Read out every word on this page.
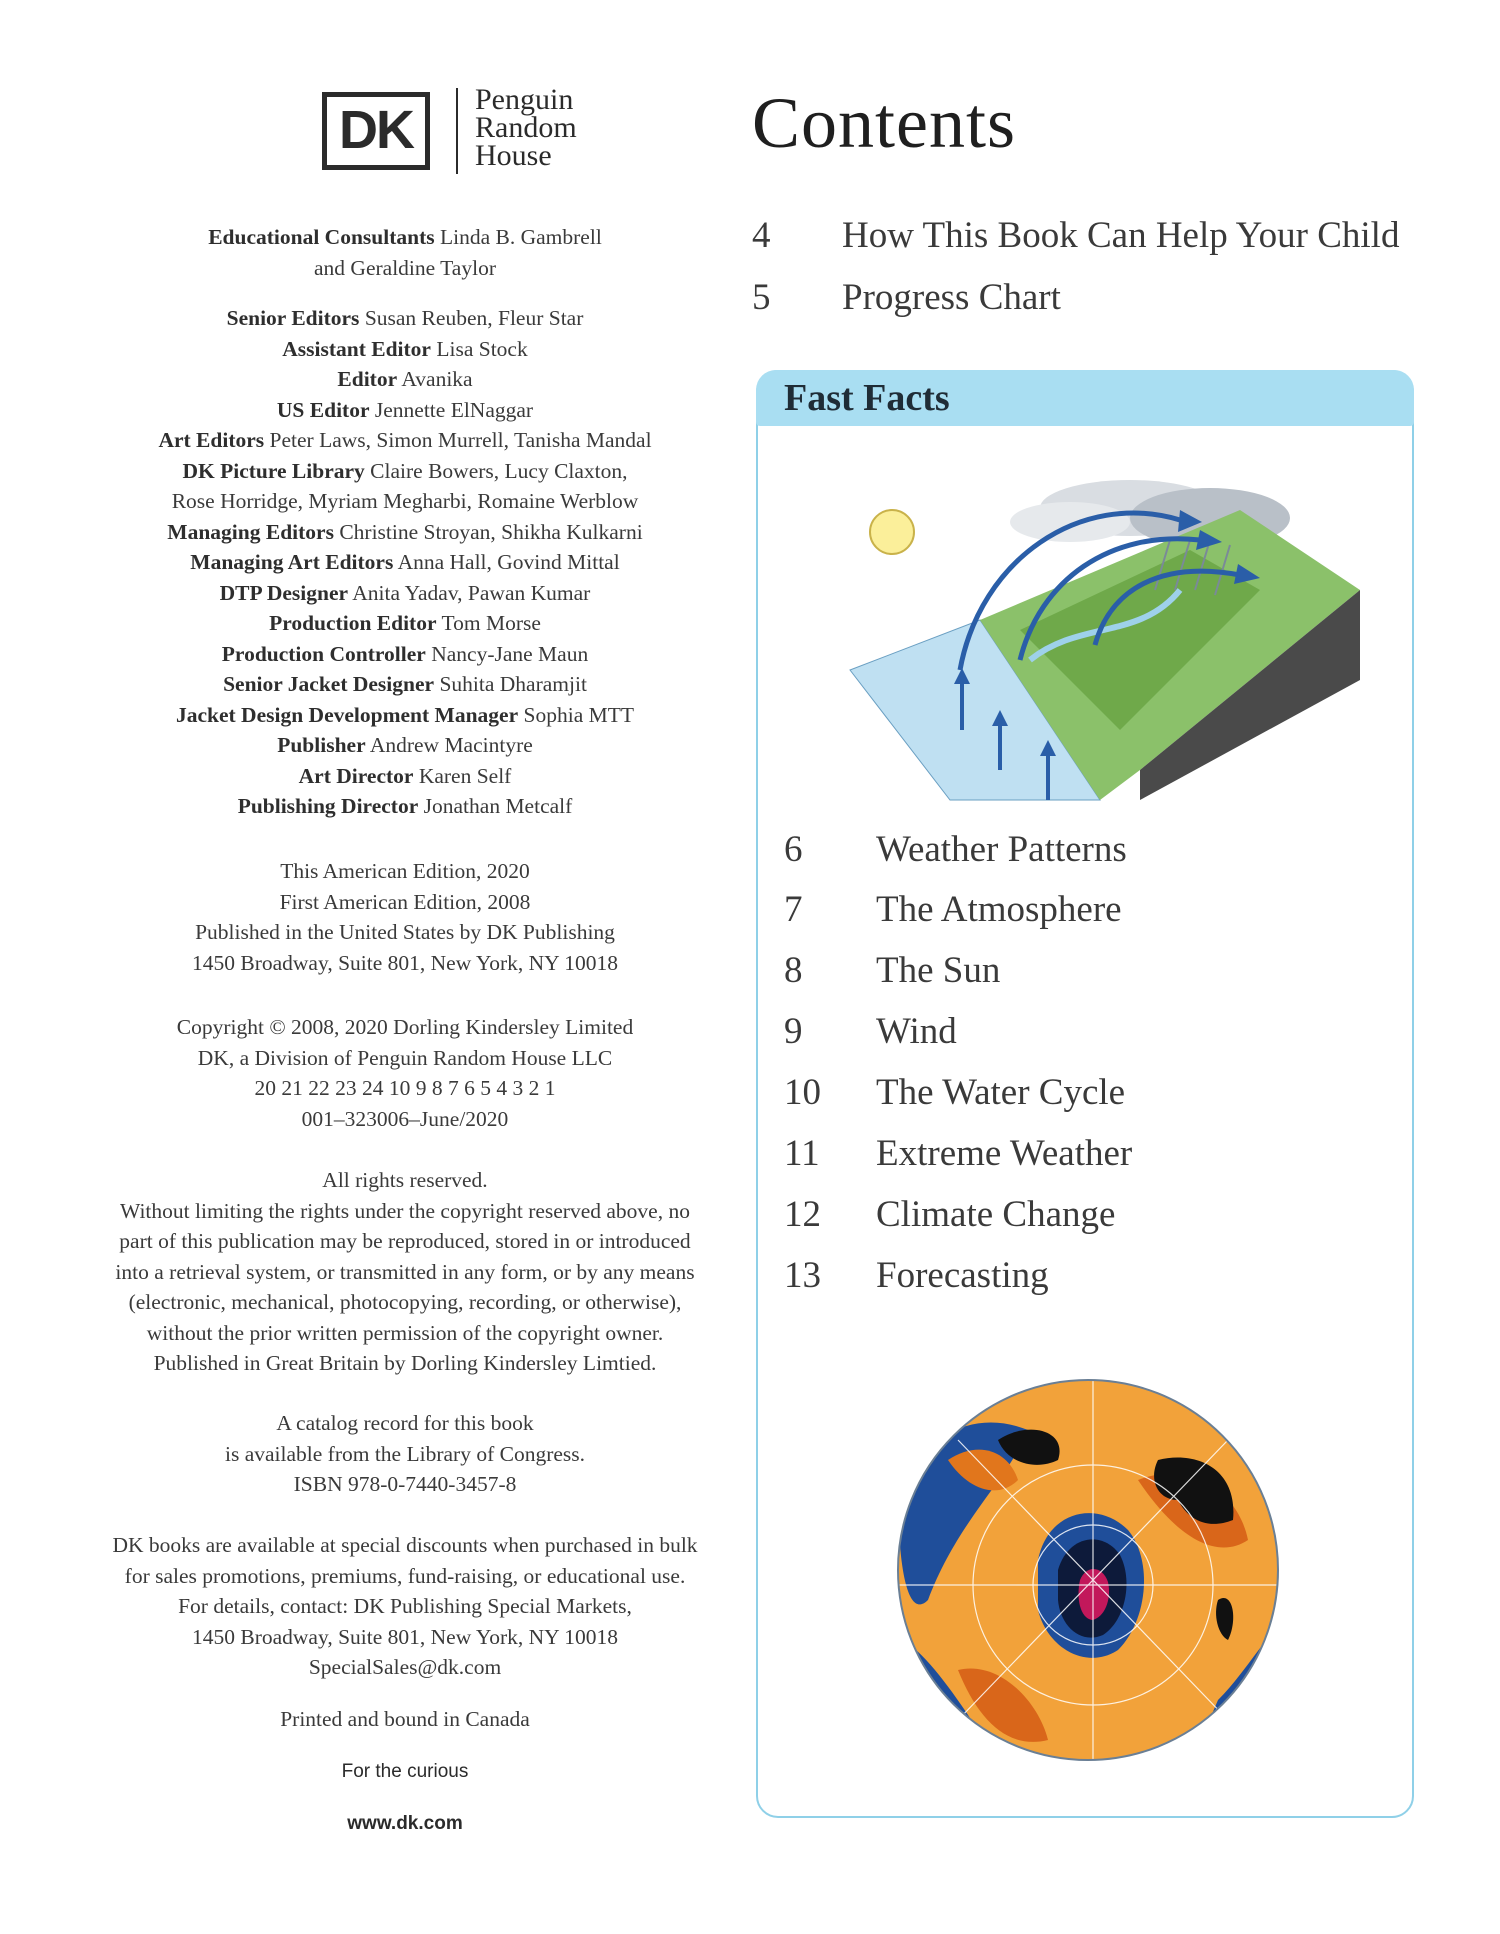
DK
Penguin
Random
House
Educational Consultants Linda B. Gambrell
and Geraldine Taylor
Senior Editors Susan Reuben, Fleur Star
Assistant Editor Lisa Stock
Editor Avanika
US Editor Jennette ElNaggar
Art Editors Peter Laws, Simon Murrell, Tanisha Mandal
DK Picture Library Claire Bowers, Lucy Claxton,
Rose Horridge, Myriam Megharbi, Romaine Werblow
Managing Editors Christine Stroyan, Shikha Kulkarni
Managing Art Editors Anna Hall, Govind Mittal
DTP Designer Anita Yadav, Pawan Kumar
Production Editor Tom Morse
Production Controller Nancy-Jane Maun
Senior Jacket Designer Suhita Dharamjit
Jacket Design Development Manager Sophia MTT
Publisher Andrew Macintyre
Art Director Karen Self
Publishing Director Jonathan Metcalf
This American Edition, 2020
First American Edition, 2008
Published in the United States by DK Publishing
1450 Broadway, Suite 801, New York, NY 10018
Copyright © 2008, 2020 Dorling Kindersley Limited
DK, a Division of Penguin Random House LLC
20 21 22 23 24 10 9 8 7 6 5 4 3 2 1
001–323006–June/2020
All rights reserved.
Without limiting the rights under the copyright reserved above, no
part of this publication may be reproduced, stored in or introduced
into a retrieval system, or transmitted in any form, or by any means
(electronic, mechanical, photocopying, recording, or otherwise),
without the prior written permission of the copyright owner.
Published in Great Britain by Dorling Kindersley Limtied.
A catalog record for this book
is available from the Library of Congress.
ISBN 978-0-7440-3457-8
DK books are available at special discounts when purchased in bulk
for sales promotions, premiums, fund-raising, or educational use.
For details, contact: DK Publishing Special Markets,
1450 Broadway, Suite 801, New York, NY 10018
SpecialSales@dk.com
Printed and bound in Canada
For the curious
www.dk.com
Contents
4 How This Book Can Help Your Child
5 Progress Chart
Fast Facts
6 Weather Patterns
7 The Atmosphere
8 The Sun
9 Wind
10 The Water Cycle
11 Extreme Weather
12 Climate Change
13 Forecasting
